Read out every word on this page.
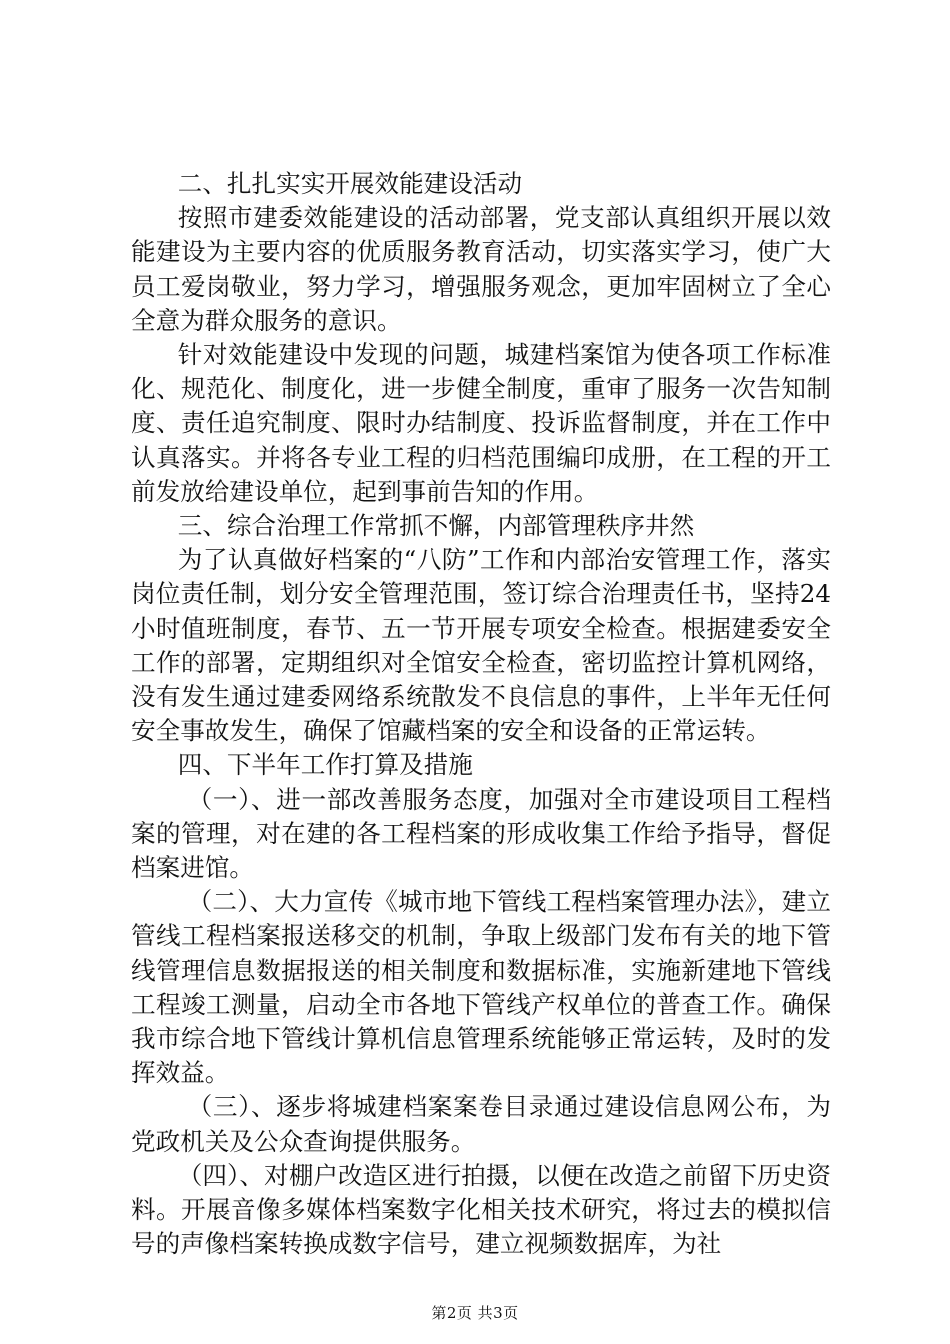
二、扎扎实实开展效能建设活动

按照市建委效能建设的活动部署，党支部认真组织开展以效能建设为主要内容的优质服务教育活动，切实落实学习，使广大员工爱岗敬业，努力学习，增强服务观念，更加牢固树立了全心全意为群众服务的意识。

针对效能建设中发现的问题，城建档案馆为使各项工作标准化、规范化、制度化，进一步健全制度，重审了服务一次告知制度、责任追究制度、限时办结制度、投诉监督制度，并在工作中认真落实。并将各专业工程的归档范围编印成册，在工程的开工前发放给建设单位，起到事前告知的作用。

三、综合治理工作常抓不懈，内部管理秩序井然

为了认真做好档案的“八防”工作和内部治安管理工作，落实岗位责任制，划分安全管理范围，签订综合治理责任书，坚持24小时值班制度，春节、五一节开展专项安全检查。根据建委安全工作的部署，定期组织对全馆安全检查，密切监控计算机网络，没有发生通过建委网络系统散发不良信息的事件，上半年无任何安全事故发生，确保了馆藏档案的安全和设备的正常运转。

四、下半年工作打算及措施

（一）、进一部改善服务态度，加强对全市建设项目工程档案的管理，对在建的各工程档案的形成收集工作给予指导，督促档案进馆。

（二）、大力宣传《城市地下管线工程档案管理办法》，建立管线工程档案报送移交的机制，争取上级部门发布有关的地下管线管理信息数据报送的相关制度和数据标准，实施新建地下管线工程竣工测量，启动全市各地下管线产权单位的普查工作。确保我市综合地下管线计算机信息管理系统能够正常运转，及时的发挥效益。

（三）、逐步将城建档案案卷目录通过建设信息网公布，为党政机关及公众查询提供服务。

（四）、对棚户改造区进行拍摄，以便在改造之前留下历史资料。开展音像多媒体档案数字化相关技术研究，将过去的模拟信号的声像档案转换成数字信号，建立视频数据库，为社

第2页 共3页
